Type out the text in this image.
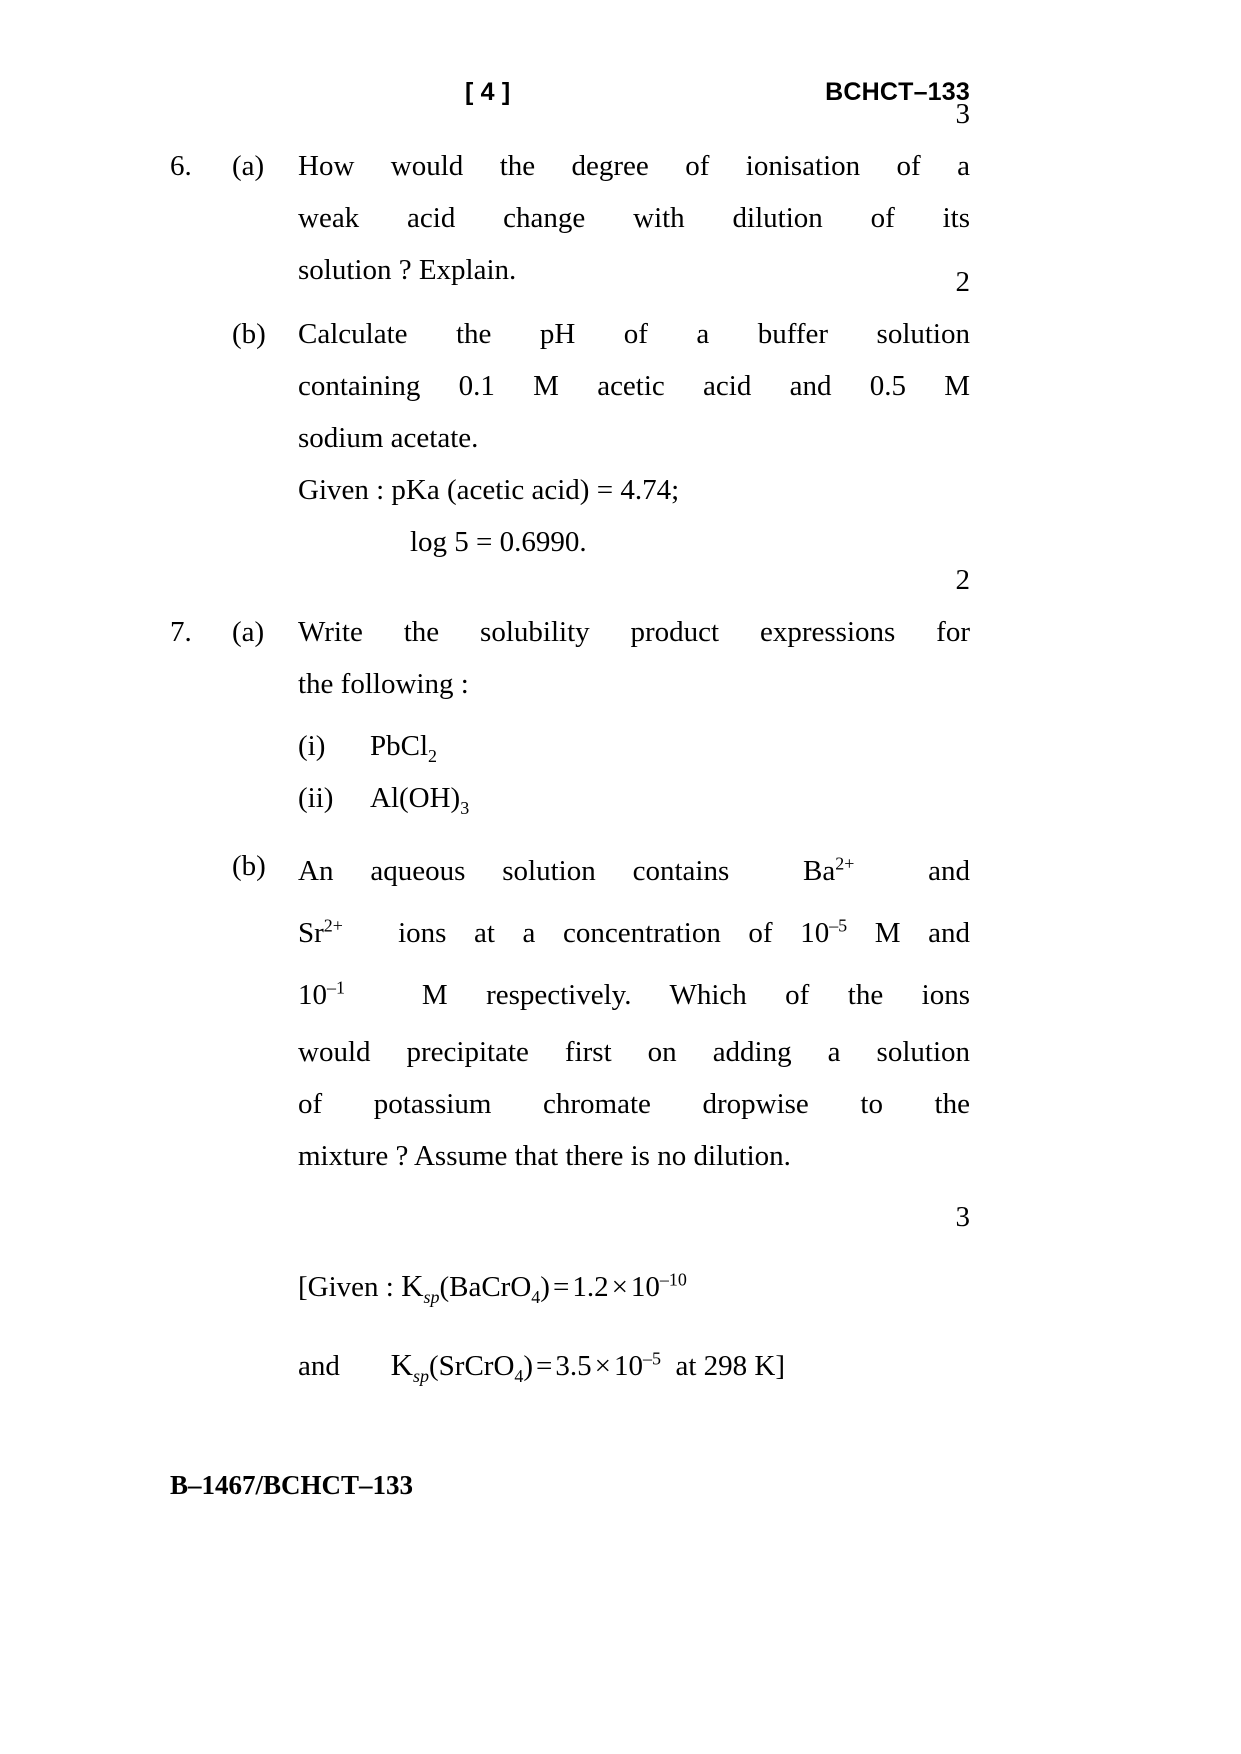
[ 4 ]	BCHCT–133
6.	(a)	How would the degree of ionisation of a
weak acid change with dilution of its
solution ? Explain.
3
(b)	Calculate the pH of a buffer solution
containing 0.1 M acetic acid and 0.5 M
sodium acetate.
2
Given : pKa (acetic acid) = 4.74;
log 5 = 0.6990.
7.	(a)	Write the solubility product expressions for
the following :
2
(i) PbCl$_2$
(ii) $Al(OH)_3$
(b)	An aqueous solution contains	$Ba^{2+}$	and
$Sr^{2+}$ ions at a concentration of $10^{-5}$ M and
$10^{-1}$	M respectively. Which of the ions
would precipitate first on adding a solution
of potassium chromate dropwise to the
mixture ? Assume that there is no dilution.
3
[Given : $K_{sp}(BaCrO_4) = 1.2 \times 10^{-10}$
and $K_{sp}(SrCrO_4) = 3.5 \times 10^{-5}$ at 298 K]
B–1467/BCHCT–133
